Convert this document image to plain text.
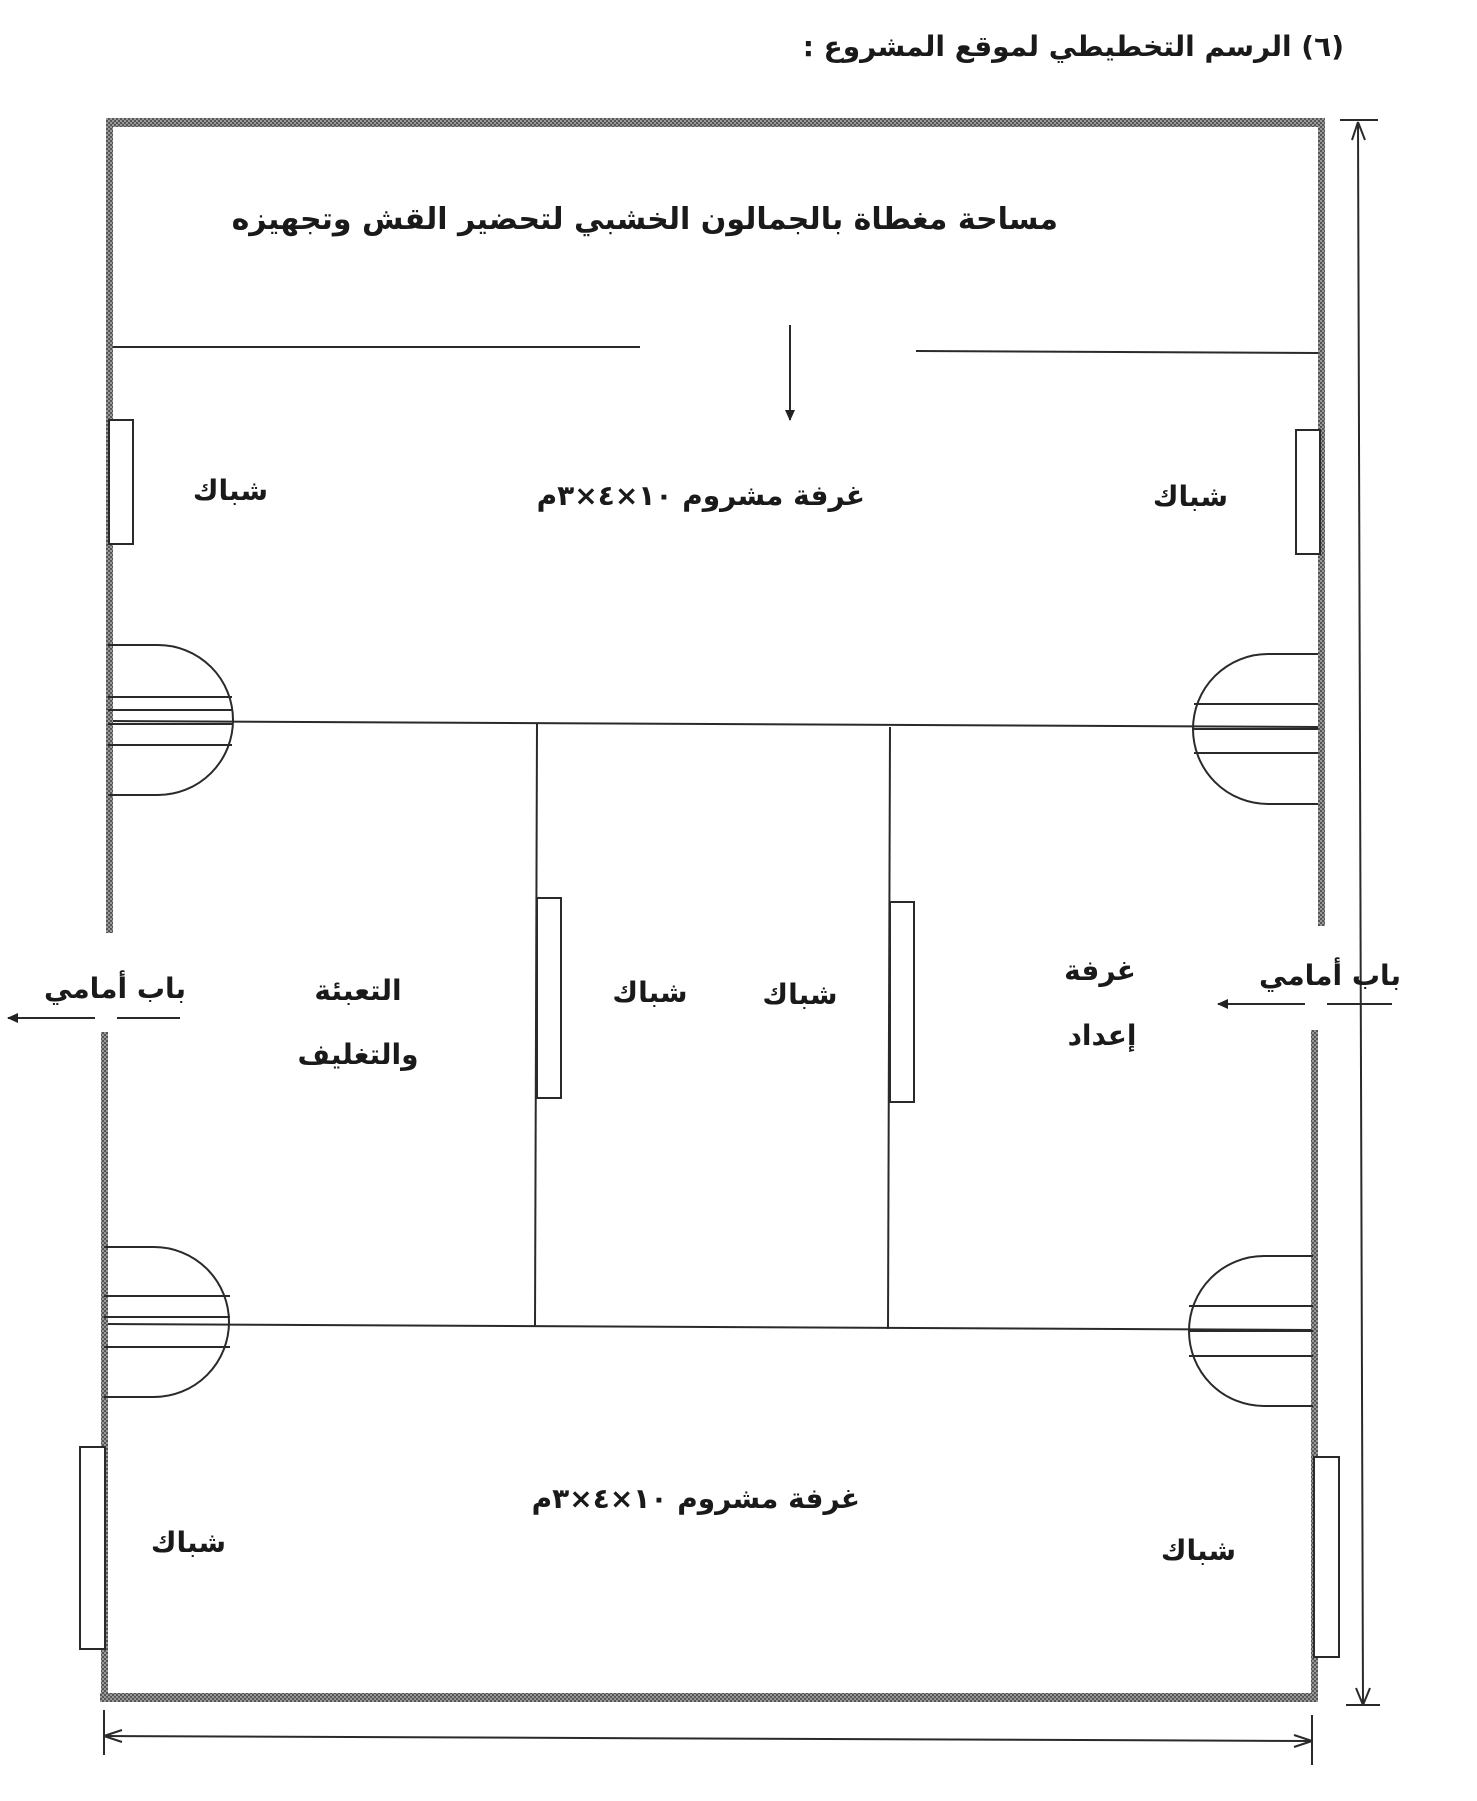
(٦) الرسم التخطيطي لموقع المشروع :
مساحة مغطاة بالجمالون الخشبي لتحضير القش وتجهيزه
غرفة مشروم ١٠×٤×٣م
شباك	شباك
التعبئة
والتغليف
شباك	شباك
غرفة
إعداد
باب أمامي	باب أمامي
غرفة مشروم ١٠×٤×٣م
شباك	شباك
